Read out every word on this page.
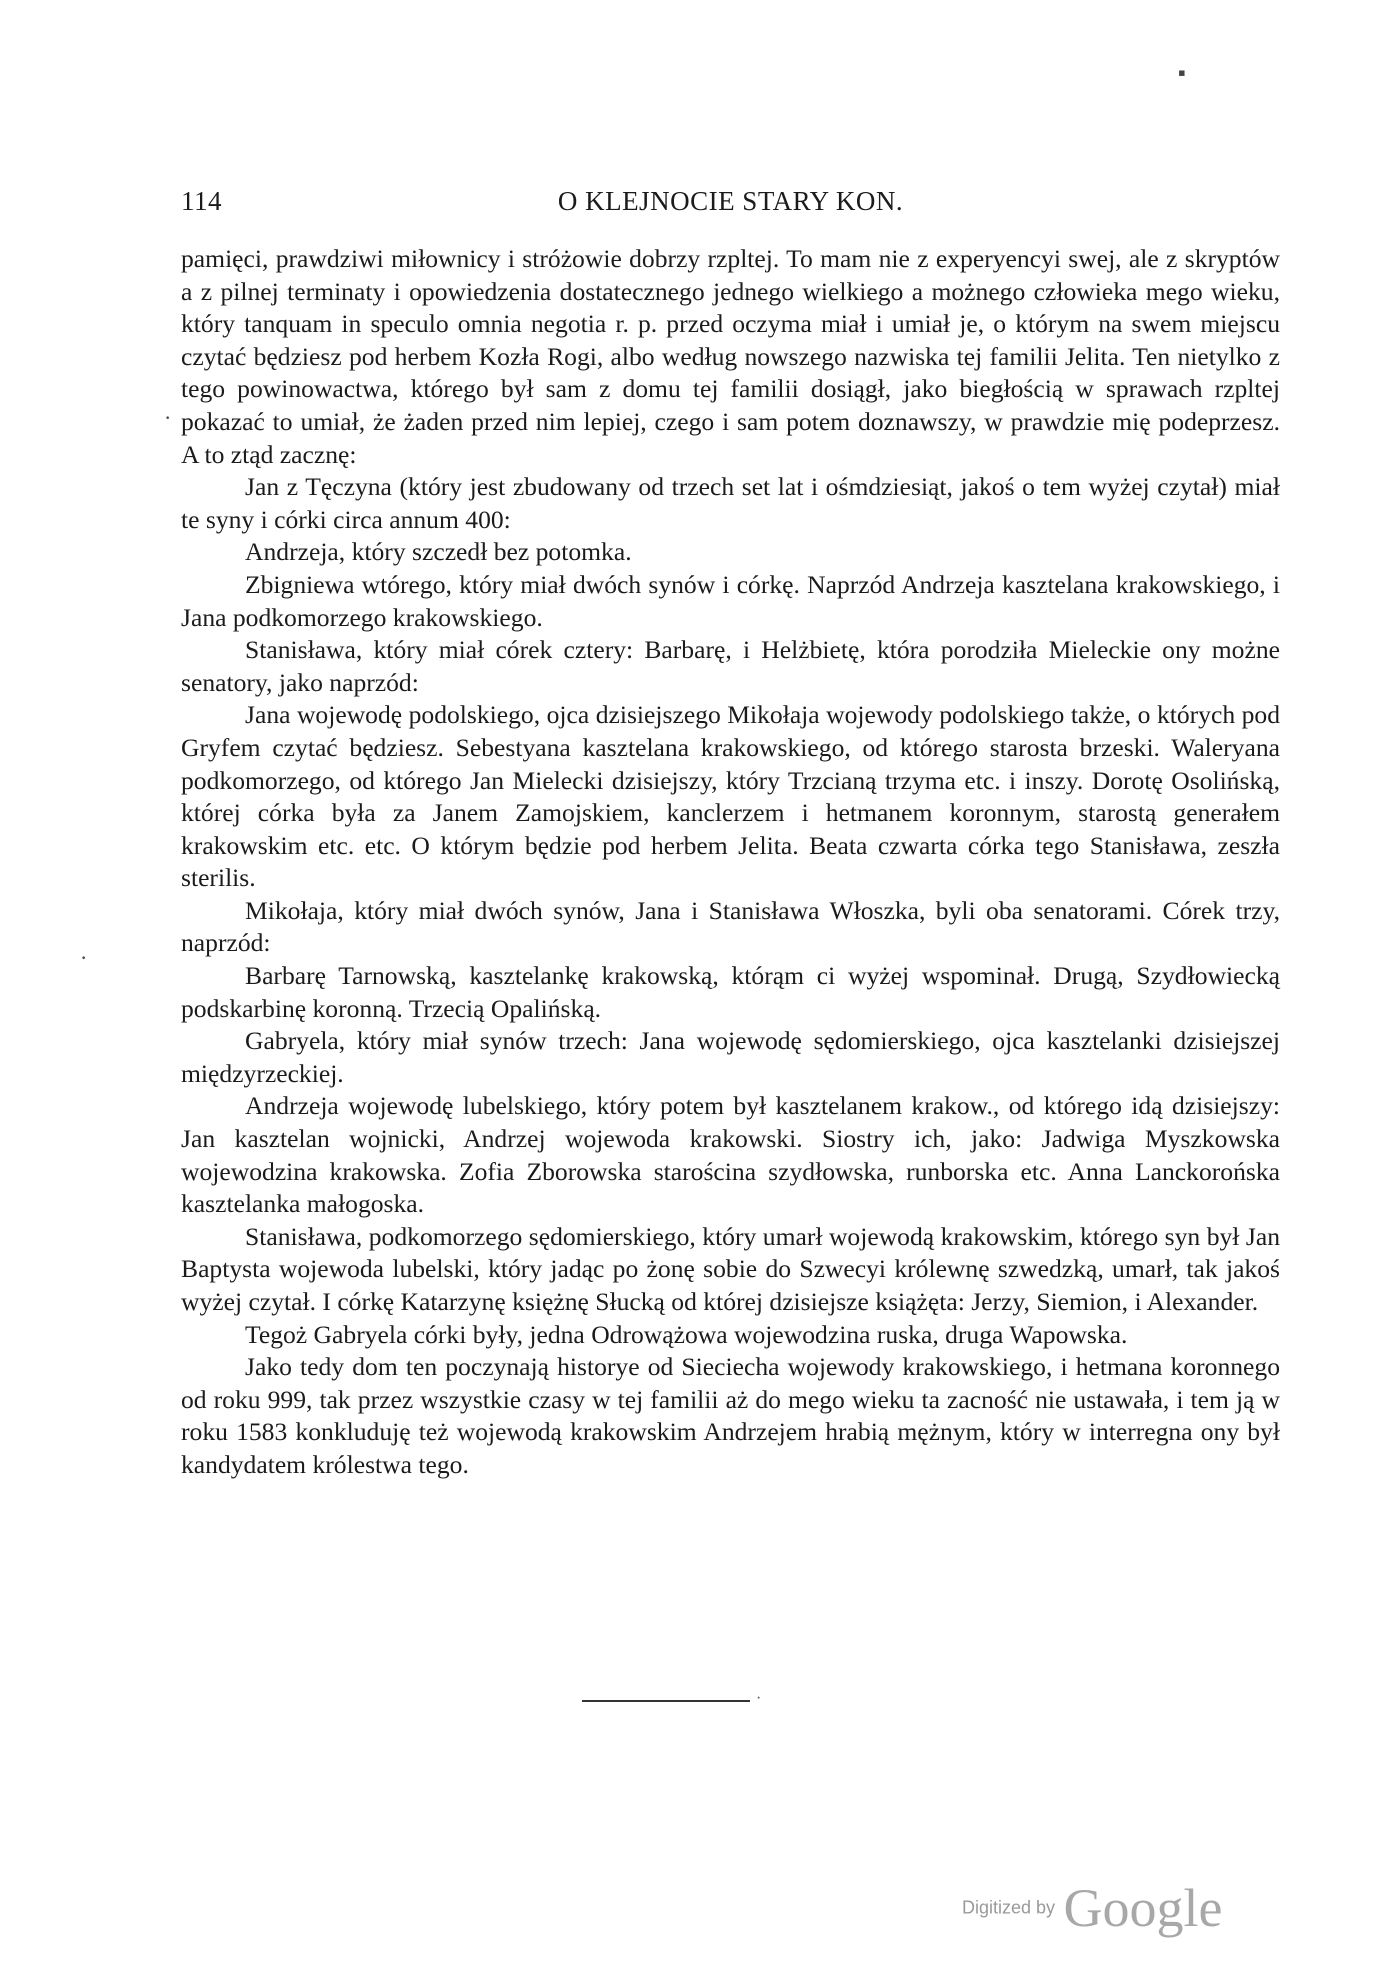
114	O KLEJNOCIE STARY KON.

pamięci, prawdziwi miłownicy i stróżowie dobrzy rzpltej. To mam nie z experyencyi swej, ale z skryptów a z pilnej terminaty i opowiedzenia dostatecznego jednego wielkiego a możnego człowieka mego wieku, który tanquam in speculo omnia negotia r. p. przed oczyma miał i umiał je, o którym na swem miejscu czytać będziesz pod herbem Kozła Rogi, albo według nowszego nazwiska tej familii Jelita. Ten nietylko z tego powinowactwa, którego był sam z domu tej familii dosiągł, jako biegłością w sprawach rzpltej pokazać to umiał, że żaden przed nim lepiej, czego i sam potem doznawszy, w prawdzie mię podeprzesz. A to ztąd zacznę:

Jan z Tęczyna (który jest zbudowany od trzech set lat i ośmdziesiąt, jakoś o tem wyżej czytał) miał te syny i córki circa annum 400:

Andrzeja, który szczedł bez potomka.

Zbigniewa wtórego, który miał dwóch synów i córkę. Naprzód Andrzeja kasztelana krakowskiego, i Jana podkomorzego krakowskiego.

Stanisława, który miał córek cztery: Barbarę, i Helżbietę, która porodziła Mieleckie ony możne senatory, jako naprzód:

Jana wojewodę podolskiego, ojca dzisiejszego Mikołaja wojewody podolskiego także, o których pod Gryfem czytać będziesz. Sebestyana kasztelana krakowskiego, od którego starosta brzeski. Waleryana podkomorzego, od którego Jan Mielecki dzisiejszy, który Trzcianą trzyma etc. i inszy. Dorotę Osolińską, której córka była za Janem Zamojskiem, kanclerzem i hetmanem koronnym, starostą generałem krakowskim etc. etc. O którym będzie pod herbem Jelita. Beata czwarta córka tego Stanisława, zeszła sterilis.

Mikołaja, który miał dwóch synów, Jana i Stanisława Włoszka, byli oba senatorami. Córek trzy, naprzód:

Barbarę Tarnowską, kasztelankę krakowską, którąm ci wyżej wspominał. Drugą, Szydłowiecką podskarbinę koronną. Trzecią Opalińską.

Gabryela, który miał synów trzech: Jana wojewodę sędomierskiego, ojca kasztelanki dzisiejszej międzyrzeckiej.

Andrzeja wojewodę lubelskiego, który potem był kasztelanem krakow., od którego idą dzisiejszy: Jan kasztelan wojnicki, Andrzej wojewoda krakowski. Siostry ich, jako: Jadwiga Myszkowska wojewodzina krakowska. Zofia Zborowska starościna szydłowska, runborska etc. Anna Lanckorońska kasztelanka małogoska.

Stanisława, podkomorzego sędomierskiego, który umarł wojewodą krakowskim, którego syn był Jan Baptysta wojewoda lubelski, który jadąc po żonę sobie do Szwecyi królewnę szwedzką, umarł, tak jakoś wyżej czytał. I córkę Katarzynę księżnę Słucką od której dzisiejsze książęta: Jerzy, Siemion, i Alexander.

Tegoż Gabryela córki były, jedna Odrowążowa wojewodzina ruska, druga Wapowska.

Jako tedy dom ten poczynają historye od Sieciecha wojewody krakowskiego, i hetmana koronnego od roku 999, tak przez wszystkie czasy w tej familii aż do mego wieku ta zacność nie ustawała, i tem ją w roku 1583 konkluduję też wojewodą krakowskim Andrzejem hrabią mężnym, który w interregna ony był kandydatem królestwa tego.

·
▪
·
·
Digitized by Google
